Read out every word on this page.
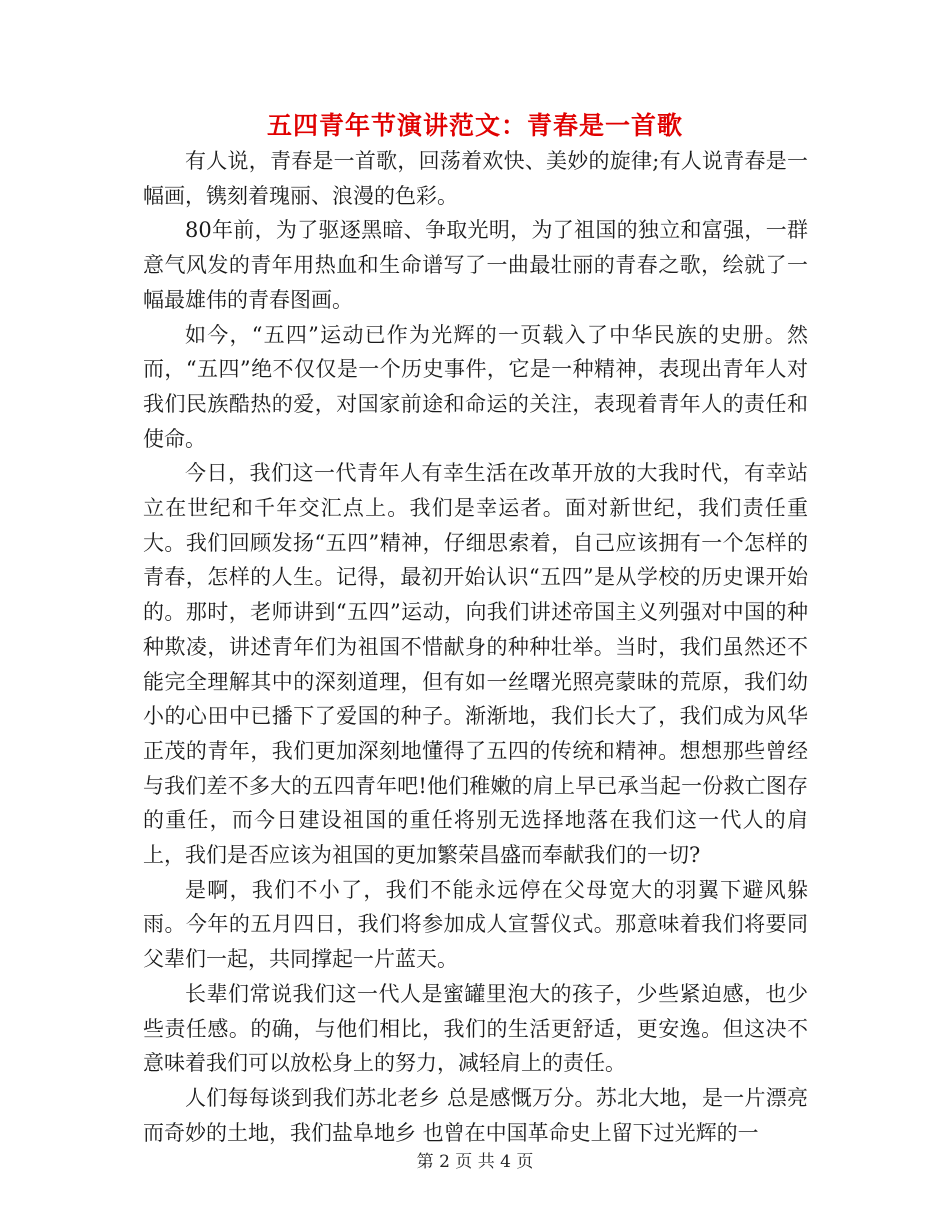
五四青年节演讲范文：青春是一首歌

有人说，青春是一首歌，回荡着欢快、美妙的旋律;有人说青春是一幅画，镌刻着瑰丽、浪漫的色彩。

80年前，为了驱逐黑暗、争取光明，为了祖国的独立和富强，一群意气风发的青年用热血和生命谱写了一曲最壮丽的青春之歌，绘就了一幅最雄伟的青春图画。

如今，“五四”运动已作为光辉的一页载入了中华民族的史册。然而，“五四”绝不仅仅是一个历史事件，它是一种精神，表现出青年人对我们民族酷热的爱，对国家前途和命运的关注，表现着青年人的责任和使命。

今日，我们这一代青年人有幸生活在改革开放的大我时代，有幸站立在世纪和千年交汇点上。我们是幸运者。面对新世纪，我们责任重大。我们回顾发扬“五四”精神，仔细思索着，自己应该拥有一个怎样的青春，怎样的人生。记得，最初开始认识“五四”是从学校的历史课开始的。那时，老师讲到“五四”运动，向我们讲述帝国主义列强对中国的种种欺凌，讲述青年们为祖国不惜献身的种种壮举。当时，我们虽然还不能完全理解其中的深刻道理，但有如一丝曙光照亮蒙昧的荒原，我们幼小的心田中已播下了爱国的种子。渐渐地，我们长大了，我们成为风华正茂的青年，我们更加深刻地懂得了五四的传统和精神。想想那些曾经与我们差不多大的五四青年吧!他们稚嫩的肩上早已承当起一份救亡图存的重任，而今日建设祖国的重任将别无选择地落在我们这一代人的肩上，我们是否应该为祖国的更加繁荣昌盛而奉献我们的一切?

是啊，我们不小了，我们不能永远停在父母宽大的羽翼下避风躲雨。今年的五月四日，我们将参加成人宣誓仪式。那意味着我们将要同父辈们一起，共同撑起一片蓝天。

长辈们常说我们这一代人是蜜罐里泡大的孩子，少些紧迫感，也少些责任感。的确，与他们相比，我们的生活更舒适，更安逸。但这决不意味着我们可以放松身上的努力，减轻肩上的责任。

人们每每谈到我们苏北老乡 总是感慨万分。苏北大地，是一片漂亮而奇妙的土地，我们盐阜地乡 也曾在中国革命史上留下过光辉的一

第 2 页 共 4 页
